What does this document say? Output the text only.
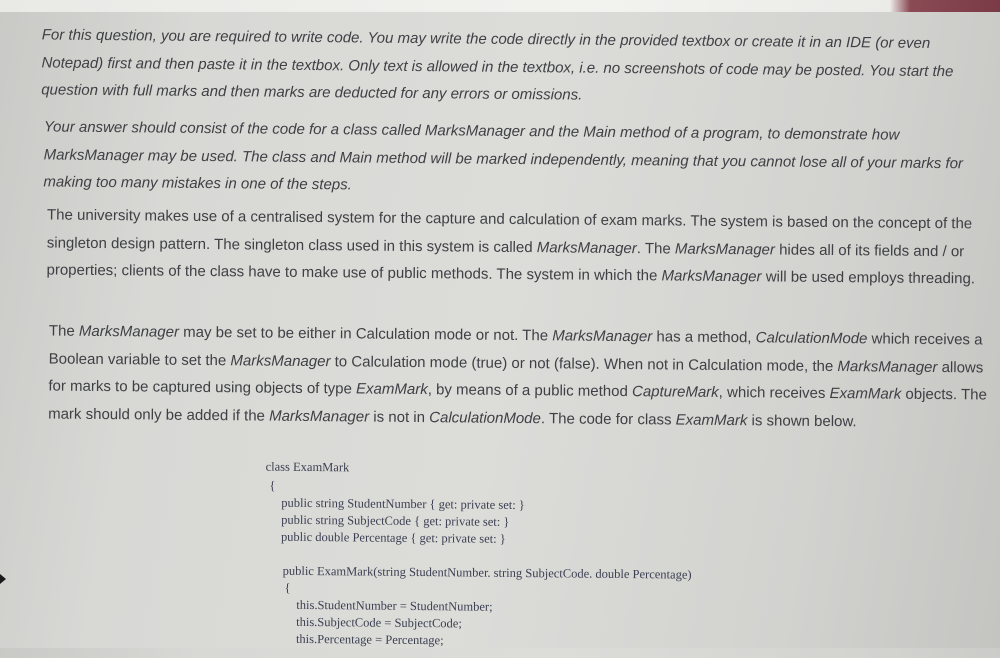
For this question, you are required to write code. You may write the code directly in the provided textbox or create it in an IDE (or even Notepad) first and then paste it in the textbox. Only text is allowed in the textbox, i.e. no screenshots of code may be posted. You start the question with full marks and then marks are deducted for any errors or omissions.

Your answer should consist of the code for a class called MarksManager and the Main method of a program, to demonstrate how MarksManager may be used. The class and Main method will be marked independently, meaning that you cannot lose all of your marks for making too many mistakes in one of the steps.

The university makes use of a centralised system for the capture and calculation of exam marks. The system is based on the concept of the singleton design pattern. The singleton class used in this system is called MarksManager. The MarksManager hides all of its fields and / or properties; clients of the class have to make use of public methods. The system in which the MarksManager will be used employs threading.

The MarksManager may be set to be either in Calculation mode or not. The MarksManager has a method, CalculationMode which receives a Boolean variable to set the MarksManager to Calculation mode (true) or not (false). When not in Calculation mode, the MarksManager allows for marks to be captured using objects of type ExamMark, by means of a public method CaptureMark, which receives ExamMark objects. The mark should only be added if the MarksManager is not in CalculationMode. The code for class ExamMark is shown below.

class ExamMark
{
public string StudentNumber { get: private set: }
public string SubjectCode { get: private set: }
public double Percentage { get: private set: }
public ExamMark(string StudentNumber. string SubjectCode. double Percentage)
{
this.StudentNumber = StudentNumber;
this.SubjectCode = SubjectCode;
this.Percentage = Percentage;
